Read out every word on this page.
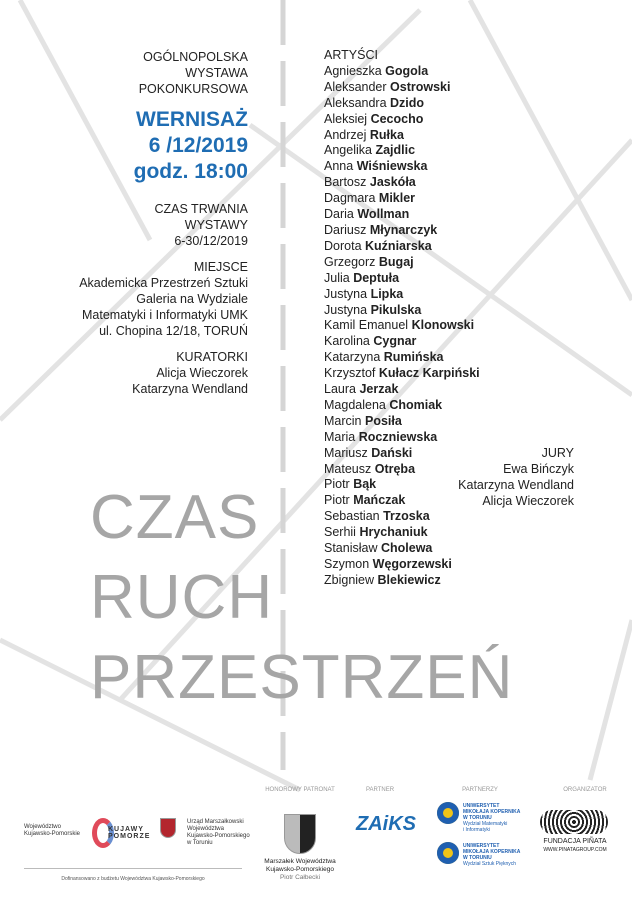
OGÓLNOPOLSKA
WYSTAWA
POKONKURSOWA

WERNISAŻ
6 /12/2019
godz. 18:00

CZAS TRWANIA
WYSTAWY
6-30/12/2019

MIEJSCE
Akademicka Przestrzeń Sztuki
Galeria na Wydziale
Matematyki i Informatyki UMK
ul. Chopina 12/18, TORUŃ

KURATORKI
Alicja Wieczorek
Katarzyna Wendland

ARTYŚCI
Agnieszka Gogola
Aleksander Ostrowski
Aleksandra Dzido
Aleksiej Cecocho
Andrzej Rułka
Angelika Zajdlic
Anna Wiśniewska
Bartosz Jaskóła
Dagmara Mikler
Daria Wollman
Dariusz Młynarczyk
Dorota Kuźniarska
Grzegorz Bugaj
Julia Deptuła
Justyna Lipka
Justyna Pikulska
Kamil Emanuel Klonowski
Karolina Cygnar
Katarzyna Rumińska
Krzysztof Kułacz Karpiński
Laura Jerzak
Magdalena Chomiak
Marcin Posiła
Maria Roczniewska
Mariusz Dański
Mateusz Otręba
Piotr Bąk
Piotr Mańczak
Sebastian Trzoska
Serhii Hrychaniuk
Stanisław Cholewa
Szymon Węgorzewski
Zbigniew Blekiewicz
JURY
Ewa Bińczyk
Katarzyna Wendland
Alicja Wieczorek
CZAS
RUCH
PRZESTRZEŃ
Województwo
Kujawsko-Pomorskie
KUJAWY
POMORZE
Urząd Marszałkowski
Województwa
Kujawsko-Pomorskiego
w Toruniu
Dofinansowano z budżetu Województwa Kujawsko-Pomorskiego
HONOROWY PATRONAT
Marszałek Województwa
Kujawsko-Pomorskiego
Piotr Całbecki
PARTNER
ZAiKS
PARTNERZY
UNIWERSYTET
MIKOŁAJA KOPERNIKA
W TORUNIU
Wydział Matematyki
i Informatyki
UNIWERSYTET
MIKOŁAJA KOPERNIKA
W TORUNIU
Wydział Sztuk Pięknych
ORGANIZATOR
FUNDACJA PIÑATA
WWW.PINATAGROUP.COM
